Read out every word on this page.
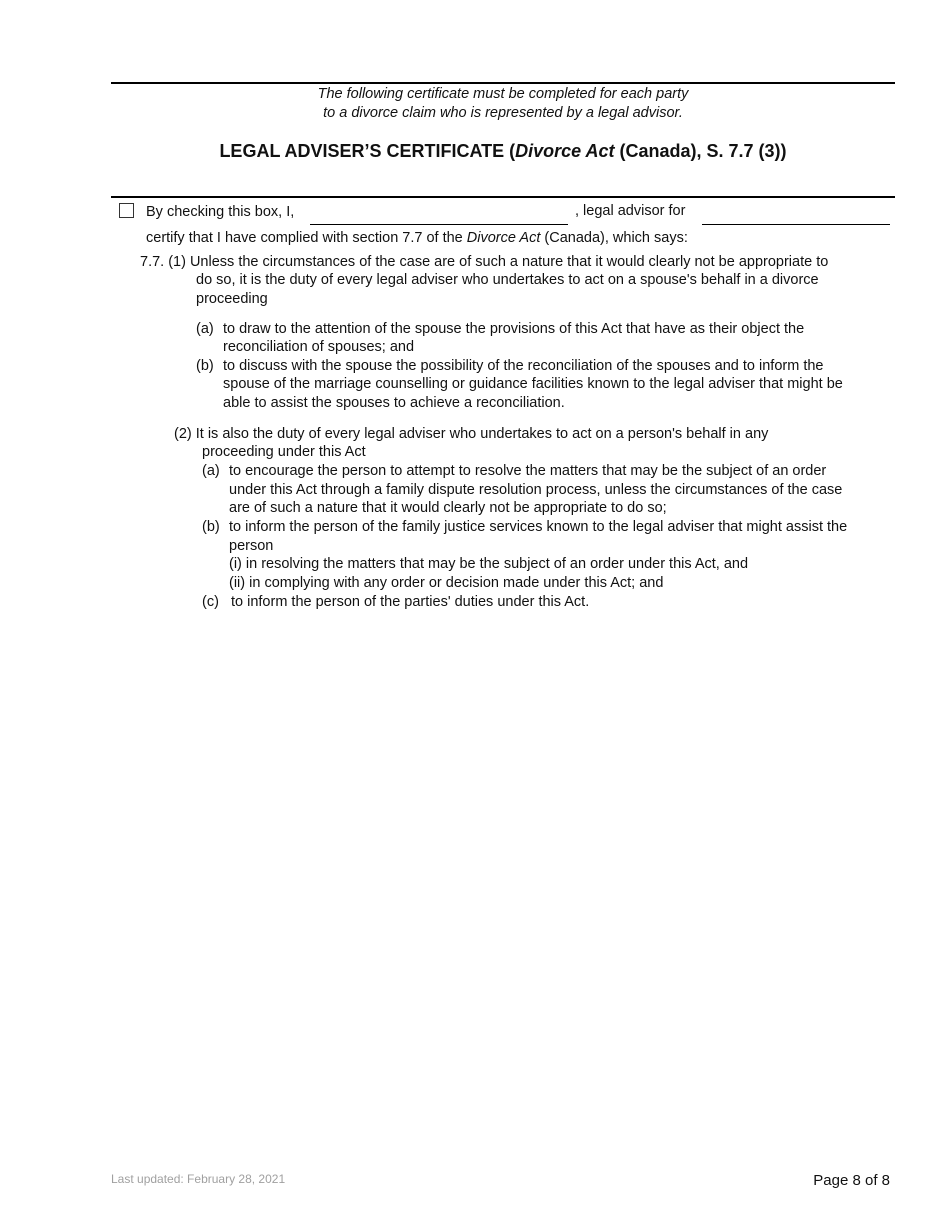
The following certificate must be completed for each party
to a divorce claim who is represented by a legal advisor.
LEGAL ADVISER’S CERTIFICATE (Divorce Act (Canada), S. 7.7 (3))
By checking this box, I,	, legal advisor for
certify that I have complied with section 7.7 of the Divorce Act (Canada), which says:
7.7. (1) Unless the circumstances of the case are of such a nature that it would clearly not be appropriate to
do so, it is the duty of every legal adviser who undertakes to act on a spouse's behalf in a divorce
proceeding
(a) to draw to the attention of the spouse the provisions of this Act that have as their object the
reconciliation of spouses; and
(b) to discuss with the spouse the possibility of the reconciliation of the spouses and to inform the
spouse of the marriage counselling or guidance facilities known to the legal adviser that might be
able to assist the spouses to achieve a reconciliation.
(2) It is also the duty of every legal adviser who undertakes to act on a person's behalf in any
proceeding under this Act
(a) to encourage the person to attempt to resolve the matters that may be the subject of an order
under this Act through a family dispute resolution process, unless the circumstances of the case
are of such a nature that it would clearly not be appropriate to do so;
(b) to inform the person of the family justice services known to the legal adviser that might assist the
person
(i) in resolving the matters that may be the subject of an order under this Act, and
(ii) in complying with any order or decision made under this Act; and
(c) to inform the person of the parties' duties under this Act.
Last updated: February 28, 2021	Page 8 of 8
